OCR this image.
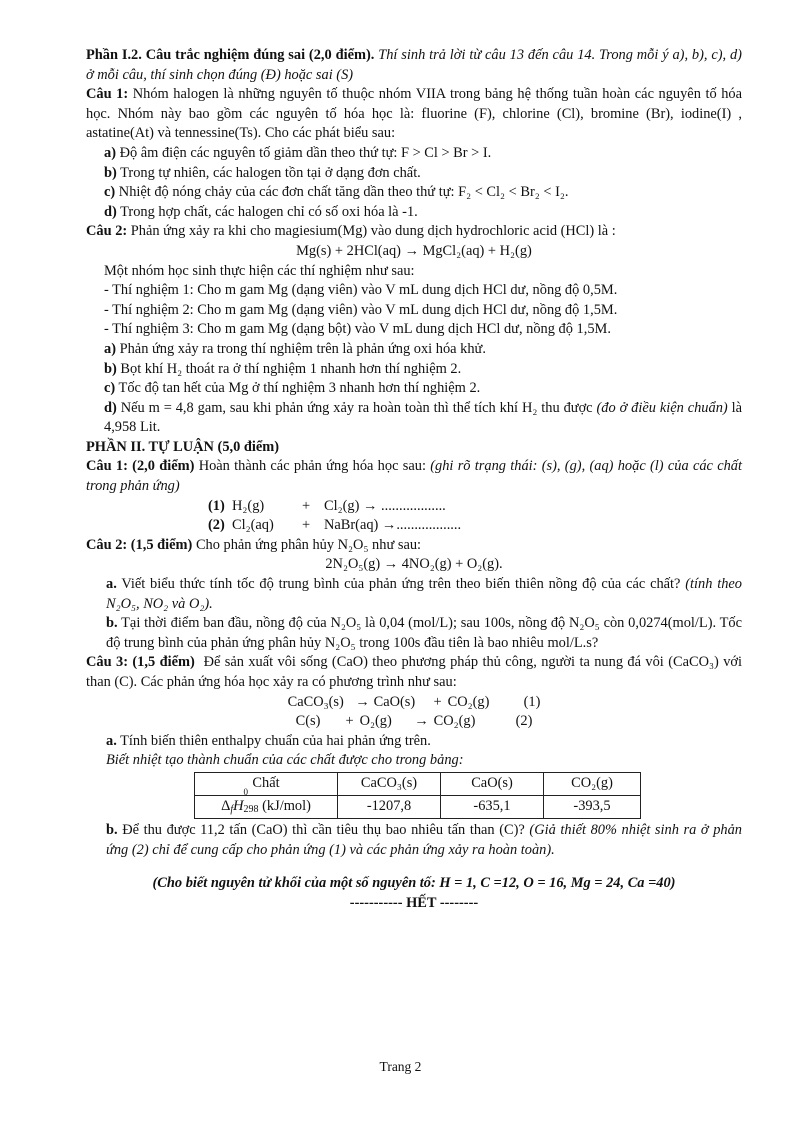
Phần I.2. Câu trắc nghiệm đúng sai (2,0 điểm). Thí sinh trả lời từ câu 13 đến câu 14. Trong mỗi ý a), b), c), d) ở mỗi câu, thí sinh chọn đúng (Đ) hoặc sai (S)

Câu 1: Nhóm halogen là những nguyên tố thuộc nhóm VIIA trong bảng hệ thống tuần hoàn các nguyên tố hóa học. Nhóm này bao gồm các nguyên tố hóa học là: fluorine (F), chlorine (Cl), bromine (Br), iodine(I) , astatine(At) và tennessine(Ts). Cho các phát biểu sau:

a) Độ âm điện các nguyên tố giảm dần theo thứ tự: F > Cl > Br > I.

b) Trong tự nhiên, các halogen tồn tại ở dạng đơn chất.

c) Nhiệt độ nóng chảy của các đơn chất tăng dần theo thứ tự: F₂ < Cl₂ < Br₂ < I₂.

d) Trong hợp chất, các halogen chỉ có số oxi hóa là -1.

Câu 2: Phản ứng xảy ra khi cho magiesium(Mg) vào dung dịch hydrochloric acid (HCl) là :

Mg(s) + 2HCl(aq) → MgCl₂(aq) + H₂(g)

Một nhóm học sinh thực hiện các thí nghiệm như sau:

- Thí nghiệm 1: Cho m gam Mg (dạng viên) vào V mL dung dịch HCl dư, nồng độ 0,5M.

- Thí nghiệm 2: Cho m gam Mg (dạng viên) vào V mL dung dịch HCl dư, nồng độ 1,5M.

- Thí nghiệm 3: Cho m gam Mg (dạng bột) vào V mL dung dịch HCl dư, nồng độ 1,5M.

a) Phản ứng xảy ra trong thí nghiệm trên là phản ứng oxi hóa khử.

b) Bọt khí H₂ thoát ra ở thí nghiệm 1 nhanh hơn thí nghiệm 2.

c) Tốc độ tan hết của Mg ở thí nghiệm 3 nhanh hơn thí nghiệm 2.

d) Nếu m = 4,8 gam, sau khi phản ứng xảy ra hoàn toàn thì thể tích khí H₂ thu được (đo ở điều kiện chuẩn) là 4,958 Lit.

PHẦN II. TỰ LUẬN (5,0 điểm)

Câu 1: (2,0 điểm) Hoàn thành các phản ứng hóa học sau: (ghi rõ trạng thái: (s), (g), (aq) hoặc (l) của các chất trong phản ứng)

(1) H₂(g)	+ Cl₂(g) → ..................

(2) Cl₂(aq) + NaBr(aq) →..................

Câu 2: (1,5 điểm) Cho phản ứng phân hủy N₂O₅ như sau:

2N₂O₅(g) → 4NO₂(g) + O₂(g).

a. Viết biểu thức tính tốc độ trung bình của phản ứng trên theo biến thiên nồng độ của các chất? (tính theo N₂O₅, NO₂ và O₂).

b. Tại thời điểm ban đầu, nồng độ của N₂O₅ là 0,04 (mol/L); sau 100s, nồng độ N₂O₅ còn 0,0274(mol/L). Tốc độ trung bình của phản ứng phân hủy N₂O₅ trong 100s đầu tiên là bao nhiêu mol/L.s?

Câu 3: (1,5 điểm) Để sản xuất vôi sống (CaO) theo phương pháp thủ công, người ta nung đá vôi (CaCO₃) với than (C). Các phản ứng hóa học xảy ra có phương trình như sau:

CaCO₃(s) → CaO(s)	+ CO₂(g)	(1)

C(s)	+ O₂(g)	→ CO₂(g)	(2)

a. Tính biến thiên enthalpy chuẩn của hai phản ứng trên.

Biết nhiệt tạo thành chuẩn của các chất được cho trong bảng:

Chất	CaCO₃(s)	CaO(s)	CO₂(g)
$\Delta_fH$
$_{0 298}$ (kJ/mol)	-1207,8	-635,1	-393,5

b. Để thu được 11,2 tấn (CaO) thì cần tiêu thụ bao nhiêu tấn than (C)? (Giả thiết 80% nhiệt sinh ra ở phản ứng (2) chỉ để cung cấp cho phản ứng (1) và các phản ứng xảy ra hoàn toàn).

(Cho biết nguyên tử khối của một số nguyên tố: H = 1, C =12, O = 16, Mg = 24, Ca =40)

----------- HẾT --------

Trang 2
